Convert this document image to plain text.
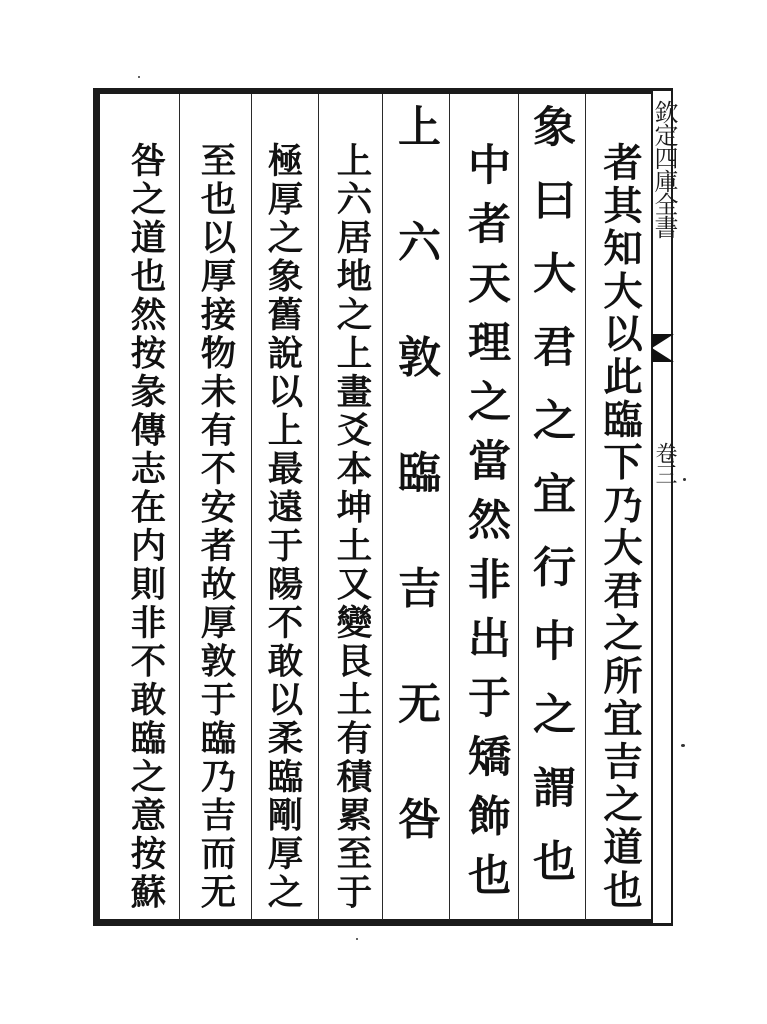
欽定四庫全書
卷三
者其知大以此臨下乃大君之所宜吉之道也
象曰大君之宜行中之謂也
中者天理之當然非出于矯飾也
上六敦臨吉无咎
上六居地之上畫爻本坤土又變艮土有積累至于
極厚之象舊說以上最遠于陽不敢以柔臨剛厚之
至也以厚接物未有不安者故厚敦于臨乃吉而无
咎之道也然按彖傳志在内則非不敢臨之意按蘇
